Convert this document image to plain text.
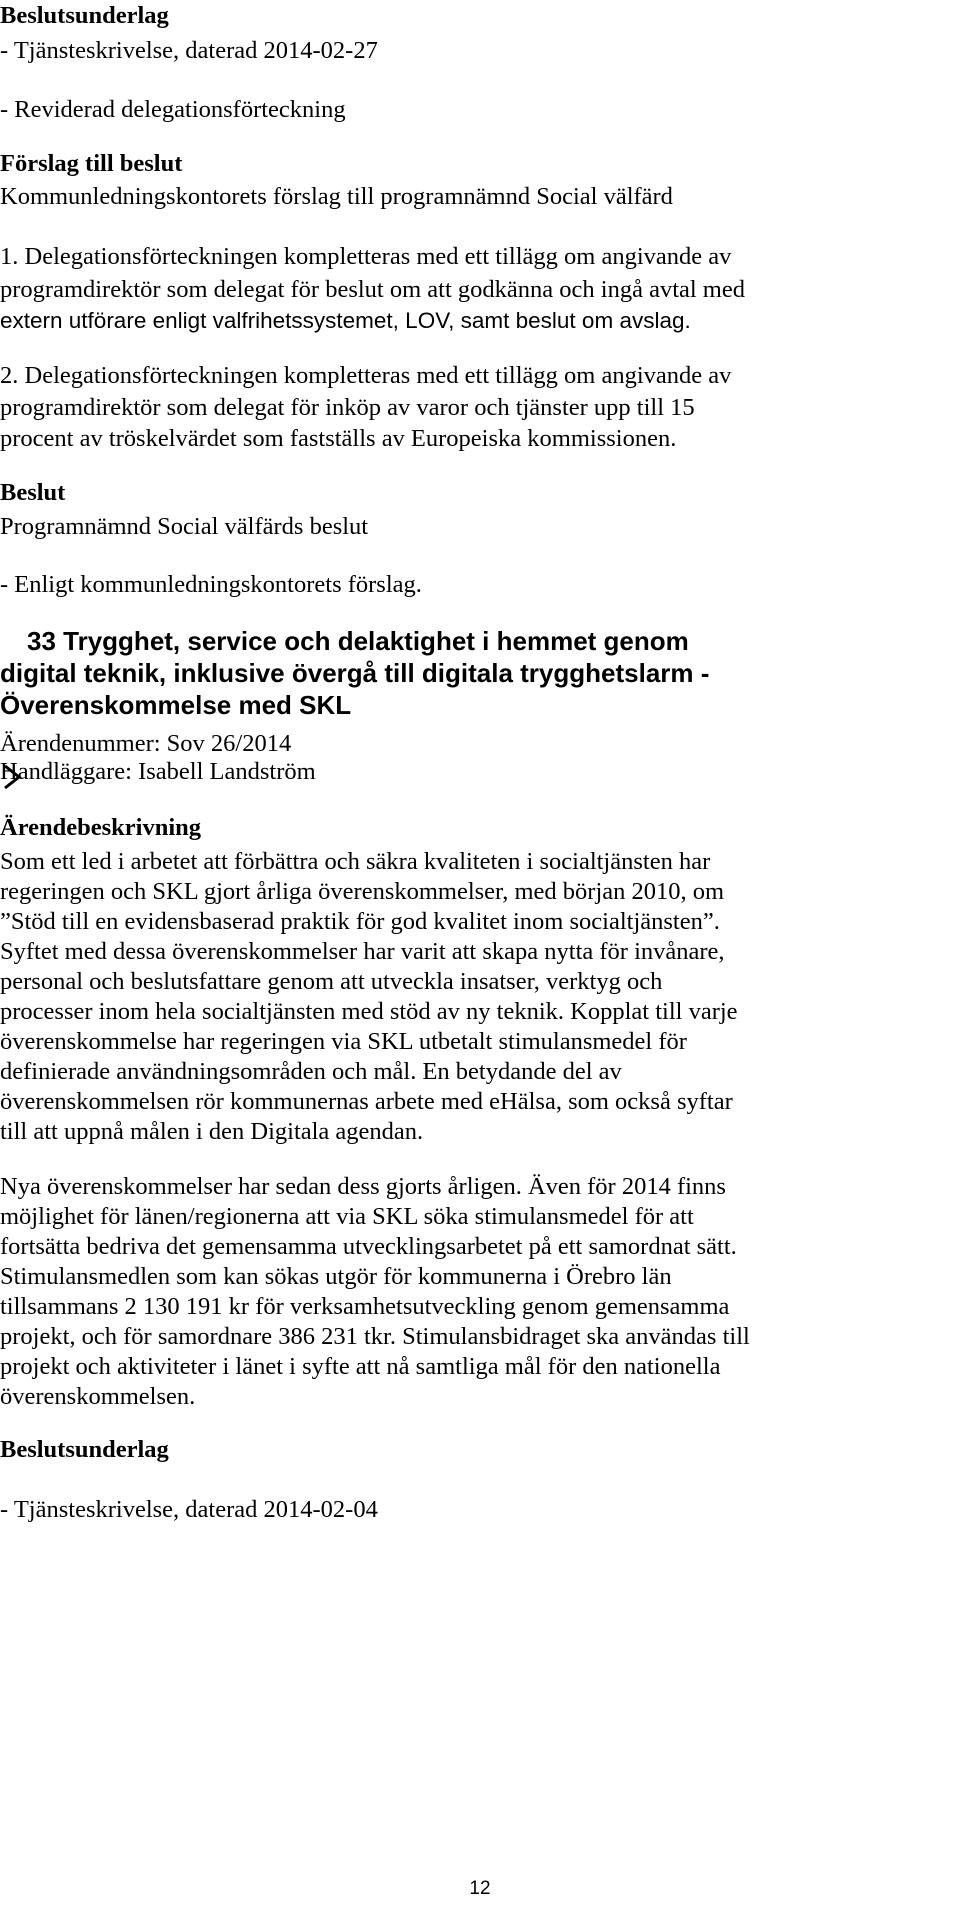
Beslutsunderlag
- Tjänsteskrivelse, daterad 2014-02-27
- Reviderad delegationsförteckning
Förslag till beslut
Kommunledningskontorets förslag till programnämnd Social välfärd
1. Delegationsförteckningen kompletteras med ett tillägg om angivande av
programdirektör som delegat för beslut om att godkänna och ingå avtal med
extern utförare enligt valfrihetssystemet, LOV, samt beslut om avslag.
2. Delegationsförteckningen kompletteras med ett tillägg om angivande av
programdirektör som delegat för inköp av varor och tjänster upp till 15
procent av tröskelvärdet som fastställs av Europeiska kommissionen.
Beslut
Programnämnd Social välfärds beslut
- Enligt kommunledningskontorets förslag.
33 Trygghet, service och delaktighet i hemmet genom
digital teknik, inklusive övergå till digitala trygghetslarm -
Överenskommelse med SKL
Ärendenummer: Sov 26/2014
Handläggare: Isabell Landström
Ärendebeskrivning
Som ett led i arbetet att förbättra och säkra kvaliteten i socialtjänsten har
regeringen och SKL gjort årliga överenskommelser, med början 2010, om
”Stöd till en evidensbaserad praktik för god kvalitet inom socialtjänsten”.
Syftet med dessa överenskommelser har varit att skapa nytta för invånare,
personal och beslutsfattare genom att utveckla insatser, verktyg och
processer inom hela socialtjänsten med stöd av ny teknik. Kopplat till varje
överenskommelse har regeringen via SKL utbetalt stimulansmedel för
definierade användningsområden och mål. En betydande del av
överenskommelsen rör kommunernas arbete med eHälsa, som också syftar
till att uppnå målen i den Digitala agendan.
Nya överenskommelser har sedan dess gjorts årligen. Även för 2014 finns
möjlighet för länen/regionerna att via SKL söka stimulansmedel för att
fortsätta bedriva det gemensamma utvecklingsarbetet på ett samordnat sätt.
Stimulansmedlen som kan sökas utgör för kommunerna i Örebro län
tillsammans 2 130 191 kr för verksamhetsutveckling genom gemensamma
projekt, och för samordnare 386 231 tkr. Stimulansbidraget ska användas till
projekt och aktiviteter i länet i syfte att nå samtliga mål för den nationella
överenskommelsen.
Beslutsunderlag
- Tjänsteskrivelse, daterad 2014-02-04
12
